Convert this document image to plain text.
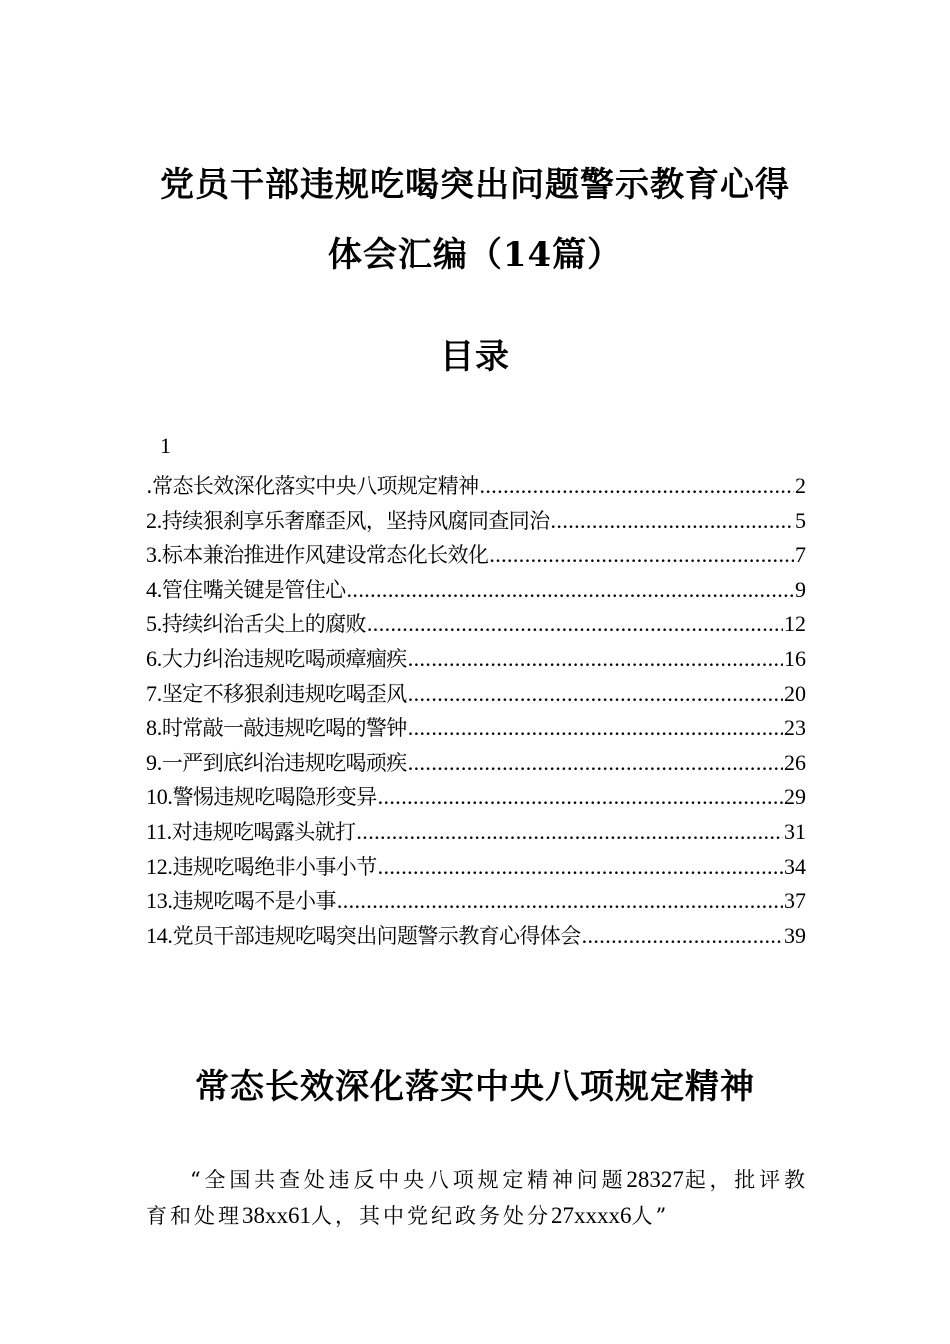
党员干部违规吃喝突出问题警示教育心得
体会汇编（14篇）
目录
1
.常态长效深化落实中央八项规定精神 .....	2
2. 持续狠刹享乐奢靡歪风，坚持风腐同查同治 .....	5
3. 标本兼治推进作风建设常态化长效化 .....	7
4. 管住嘴关键是管住心 .....	9
5. 持续纠治舌尖上的腐败 .....	12
6. 大力纠治违规吃喝顽瘴痼疾 .....	16
7. 坚定不移狠刹违规吃喝歪风 .....	20
8. 时常敲一敲违规吃喝的警钟 .....	23
9. 一严到底纠治违规吃喝顽疾 .....	26
10. 警惕违规吃喝隐形变异 .....	29
11. 对违规吃喝露头就打 .....	31
12. 违规吃喝绝非小事小节 .....	34
13. 违规吃喝不是小事 .....	37
14. 党员干部违规吃喝突出问题警示教育心得体会 .....	39
常态长效深化落实中央八项规定精神
“全国共查处违反中央八项规定精神问题28327起，批评教育和处理38xx61人，其中党纪政务处分27xxxx6人”
